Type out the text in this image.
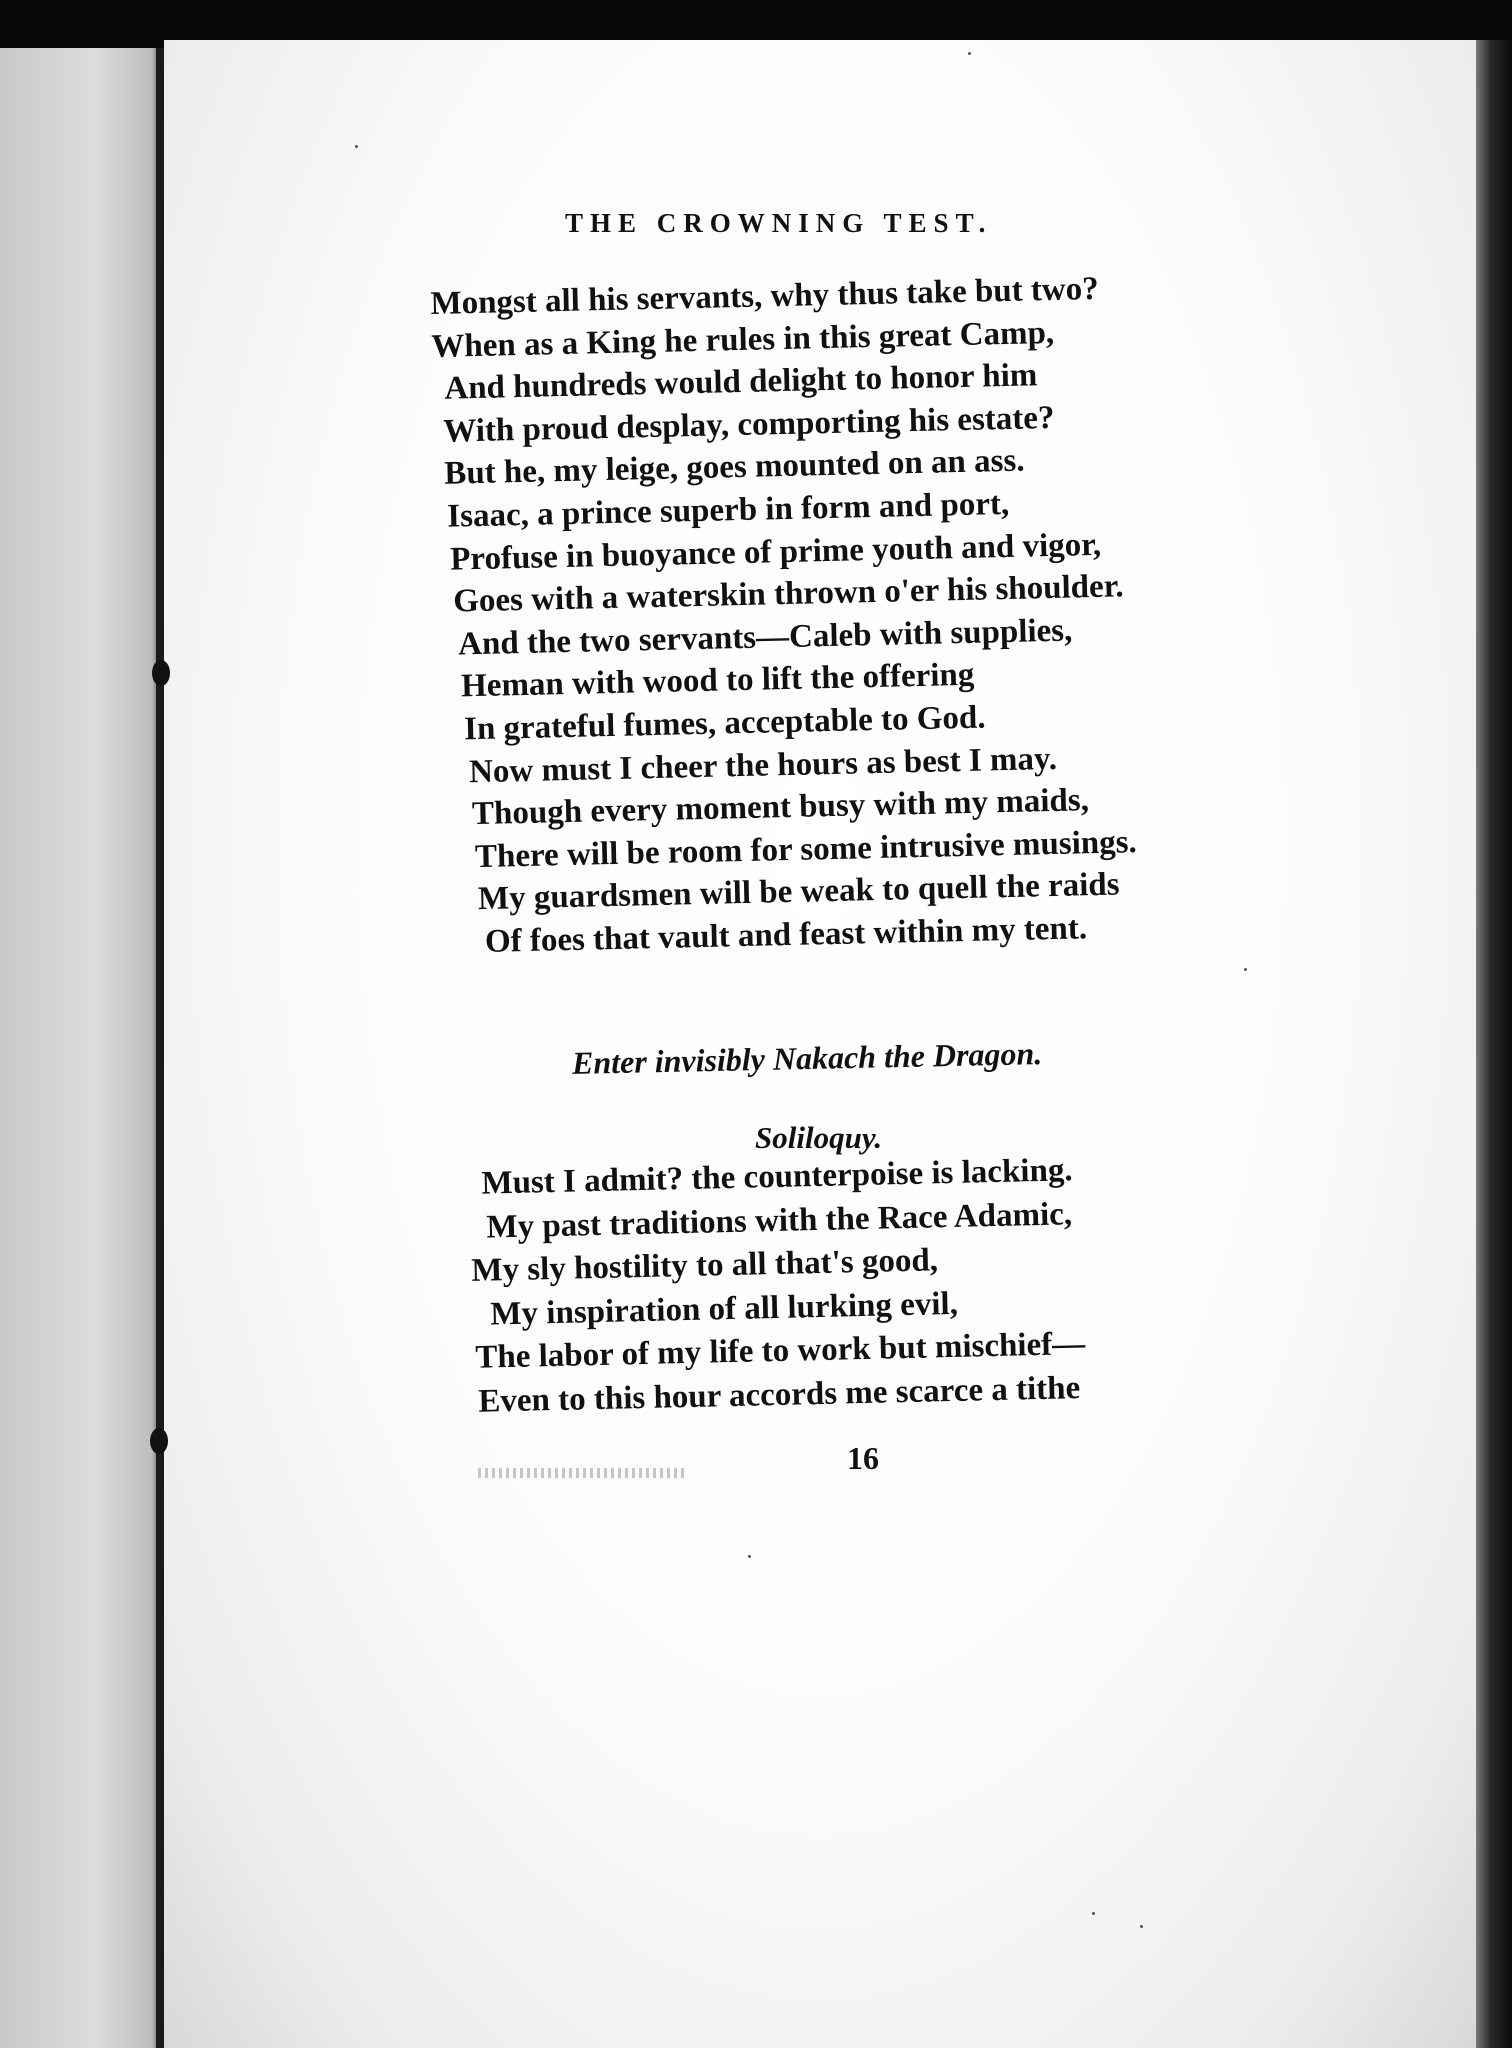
THE CROWNING TEST.
Mongst all his servants, why thus take but two?
When as a King he rules in this great Camp,
And hundreds would delight to honor him
With proud desplay, comporting his estate?
But he, my leige, goes mounted on an ass.
Isaac, a prince superb in form and port,
Profuse in buoyance of prime youth and vigor,
Goes with a waterskin thrown o'er his shoulder.
And the two servants—Caleb with supplies,
Heman with wood to lift the offering
In grateful fumes, acceptable to God.
Now must I cheer the hours as best I may.
Though every moment busy with my maids,
There will be room for some intrusive musings.
My guardsmen will be weak to quell the raids
Of foes that vault and feast within my tent.
Enter invisibly Nakach the Dragon.
Soliloquy.
Must I admit? the counterpoise is lacking.
My past traditions with the Race Adamic,
My sly hostility to all that's good,
My inspiration of all lurking evil,
The labor of my life to work but mischief—
Even to this hour accords me scarce a tithe
16
